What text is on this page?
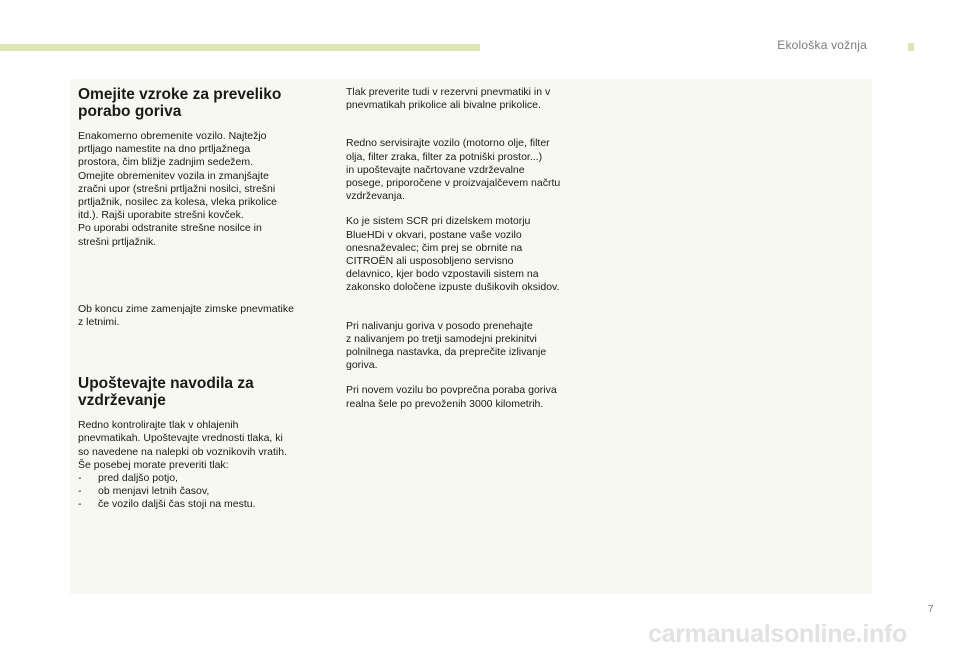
Ekološka vožnja
Omejite vzroke za preveliko
porabo goriva

Enakomerno obremenite vozilo. Najtežjo
prtljago namestite na dno prtljažnega
prostora, čim bližje zadnjim sedežem.
Omejite obremenitev vozila in zmanjšajte
zračni upor (strešni prtljažni nosilci, strešni
prtljažnik, nosilec za kolesa, vleka prikolice
itd.). Rajši uporabite strešni kovček.
Po uporabi odstranite strešne nosilce in
strešni prtljažnik.

Ob koncu zime zamenjajte zimske pnevmatike
z letnimi.

Upoštevajte navodila za
vzdrževanje

Redno kontrolirajte tlak v ohlajenih
pnevmatikah. Upoštevajte vrednosti tlaka, ki
so navedene na nalepki ob voznikovih vratih.
Še posebej morate preveriti tlak:

-	pred daljšo potjo,
-	ob menjavi letnih časov,
-	če vozilo daljši čas stoji na mestu.

Tlak preverite tudi v rezervni pnevmatiki in v
pnevmatikah prikolice ali bivalne prikolice.

Redno servisirajte vozilo (motorno olje, filter
olja, filter zraka, filter za potniški prostor...)
in upoštevajte načrtovane vzdrževalne
posege, priporočene v proizvajalčevem načrtu
vzdrževanja.

Ko je sistem SCR pri dizelskem motorju
BlueHDi v okvari, postane vaše vozilo
onesnaževalec; čim prej se obrnite na
CITROËN ali usposobljeno servisno
delavnico, kjer bodo vzpostavili sistem na
zakonsko določene izpuste dušikovih oksidov.

Pri nalivanju goriva v posodo prenehajte
z nalivanjem po tretji samodejni prekinitvi
polnilnega nastavka, da preprečite izlivanje
goriva.

Pri novem vozilu bo povprečna poraba goriva
realna šele po prevoženih 3000 kilometrih.

7
carmanualsonline.info
